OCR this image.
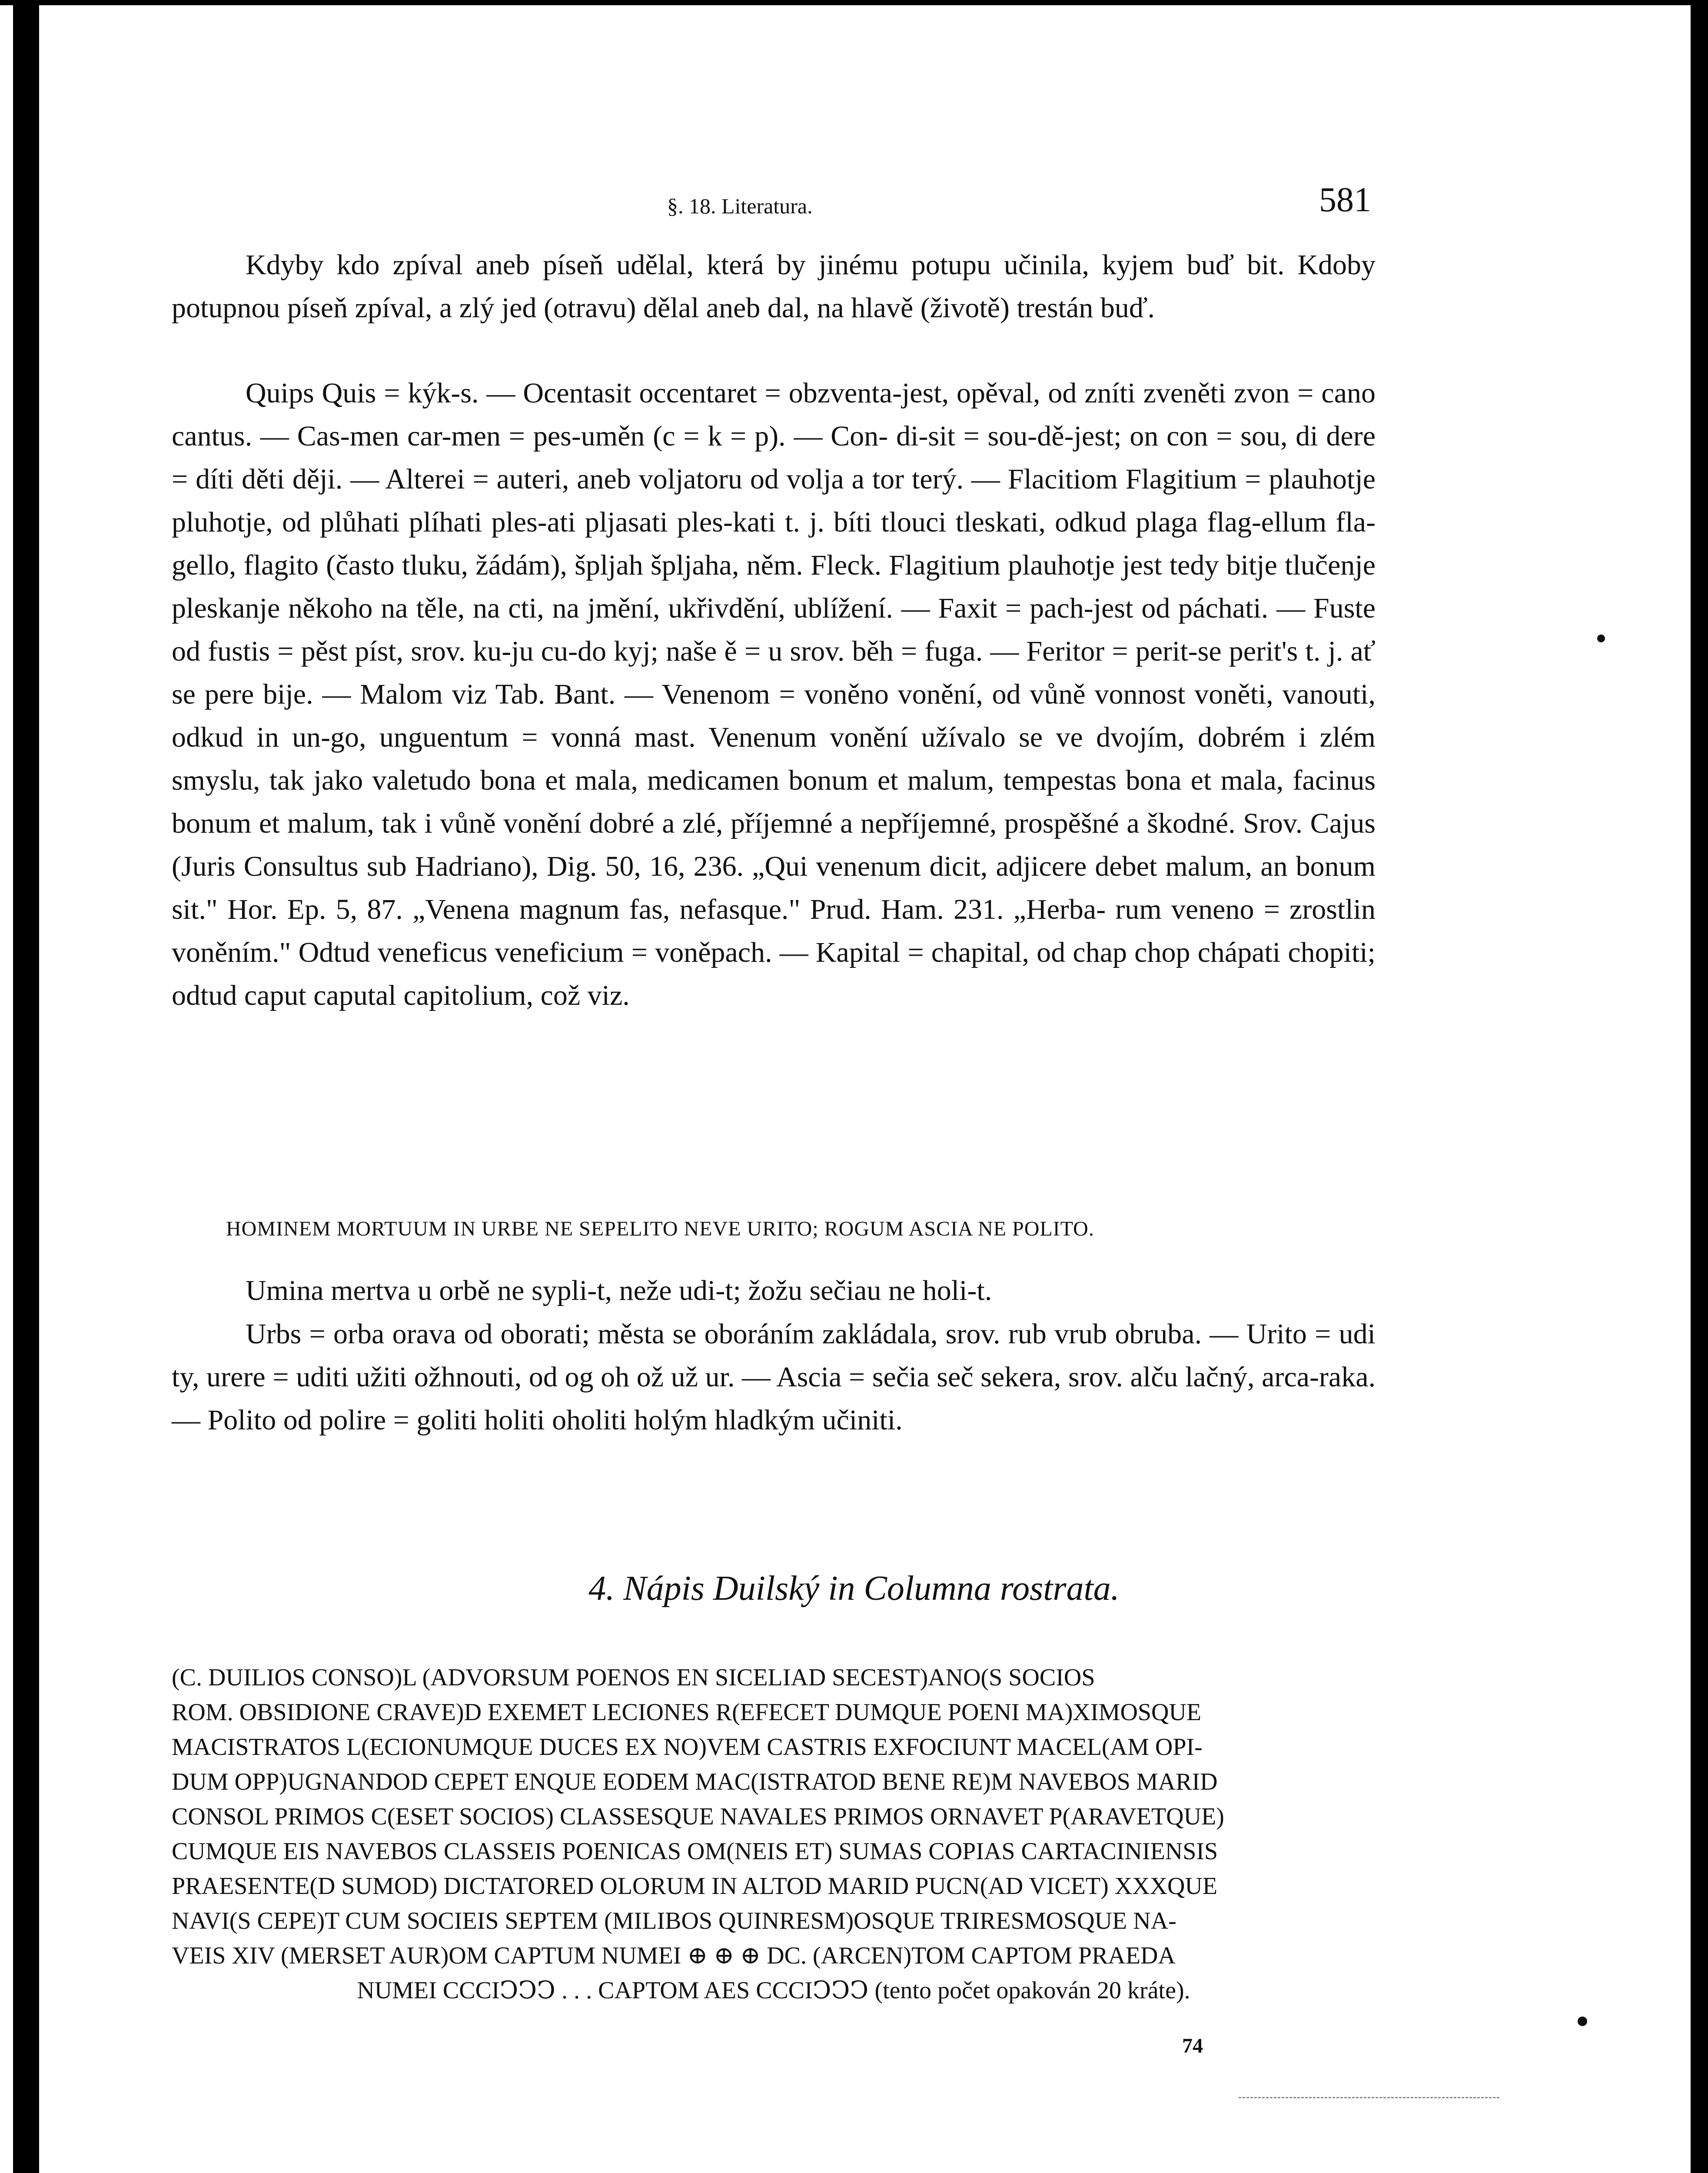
§. 18. Literatura.	581

Kdyby kdo zpíval aneb píseň udělal, která by jinému potupu učinila, kyjem buď bit. Kdoby potupnou píseň zpíval, a zlý jed (otravu) dělal aneb dal, na hlavě (životě) trestán buď.

Quips Quis = kýk-s. — Ocentasit occentaret = obzventa-jest, opěval, od zníti zveněti zvon = cano cantus. — Cas-men car-men = pes-uměn (c = k = p). — Con- di-sit = sou-dě-jest; on con = sou, di dere = díti děti ději. — Alterei = auteri, aneb voljatoru od volja a tor terý. — Flacitiom Flagitium = plauhotje pluhotje, od plůhati plíhati ples-ati pljasati ples-kati t. j. bíti tlouci tleskati, odkud plaga flag-ellum fla- gello, flagito (často tluku, žádám), špljah šplјaha, něm. Fleck. Flagitium plauhotje jest tedy bitje tlučenje pleskanje někoho na těle, na cti, na jmění, ukřivdění, ublížení. — Faxit = pach-jest od páchati. — Fuste od fustis = pěst píst, srov. ku-ju cu-do kyj; naše ě = u srov. běh = fuga. — Feritor = perit-se perit's t. j. ať se pere bije. — Malom viz Tab. Bant. — Venenom = voněno vonění, od vůně vonnost voněti, vanouti, odkud in un-go, unguentum = vonná mast. Venenum vonění užívalo se ve dvojím, dobrém i zlém smyslu, tak jako valetudo bona et mala, medicamen bonum et malum, tempestas bona et mala, facinus bonum et malum, tak i vůně vonění dobré a zlé, příjemné a nepříjemné, prospěšné a škodné. Srov. Cajus (Juris Consultus sub Hadriano), Dig. 50, 16, 236. „Qui venenum dicit, adjicere debet malum, an bonum sit." Hor. Ep. 5, 87. „Venena magnum fas, nefasque." Prud. Ham. 231. „Herba- rum veneno = zrostlin voněním." Odtud veneficus veneficium = voněpach. — Kapital = chapital, od chap chop chápati chopiti; odtud caput caputal capitolium, což viz.

HOMINEM MORTUUM IN URBE NE SEPELITO NEVE URITO; ROGUM ASCIA NE POLITO.

Umina mertva u orbě ne sypli-t, neže udi-t; žožu sečiau ne holi-t.

Urbs = orba orava od oborati; města se oboráním zakládala, srov. rub vrub obruba. — Urito = udi ty, urere = uditi užiti ožhnouti, od og oh ož už ur. — Ascia = sečia seč sekera, srov. alču lačný, arca-raka. — Polito od polire = goliti holiti oholiti holým hladkým učiniti.

4. Nápis Duilský in Columna rostrata.
(C. DUILIOS CONSO)L (ADVORSUM POENOS EN SICELIAD SECEST)ANO(S SOCIOS
ROM. OBSIDIONE CRAVE)D EXEMET LECIONES R(EFECET DUMQUE POENI MA)XIMOSQUE
MACISTRATOS L(ECIONUMQUE DUCES EX NO)VEM CASTRIS EXFOCIUNT MACEL(AM OPI-
DUM OPP)UGNANDOD CEPET ENQUE EODEM MAC(ISTRATOD BENE RE)M NAVEBOS MARID
CONSOL PRIMOS C(ESET SOCIOS) CLASSESQUE NAVALES PRIMOS ORNAVET P(ARAVETQUE)
CUMQUE EIS NAVEBOS CLASSEIS POENICAS OM(NEIS ET) SUMAS COPIAS CARTACINIENSIS
PRAESENTE(D SUMOD) DICTATORED OLORUM IN ALTOD MARID PUCN(AD VICET) XXXQUE
NAVI(S CEPE)T CUM SOCIEIS SEPTEM (MILIBOS QUINRESM)OSQUE TRIRESMOSQUE NA-
VEIS XIV (MERSET AUR)OM CAPTUM NUMEI ⊕ ⊕ ⊕ DC. (ARCEN)TOM CAPTOM PRAEDA
NUMEI CCCIↃↃↃ . . . CAPTOM AES CCCIↃↃↃ (tento počet opakován 20 kráte).
74
